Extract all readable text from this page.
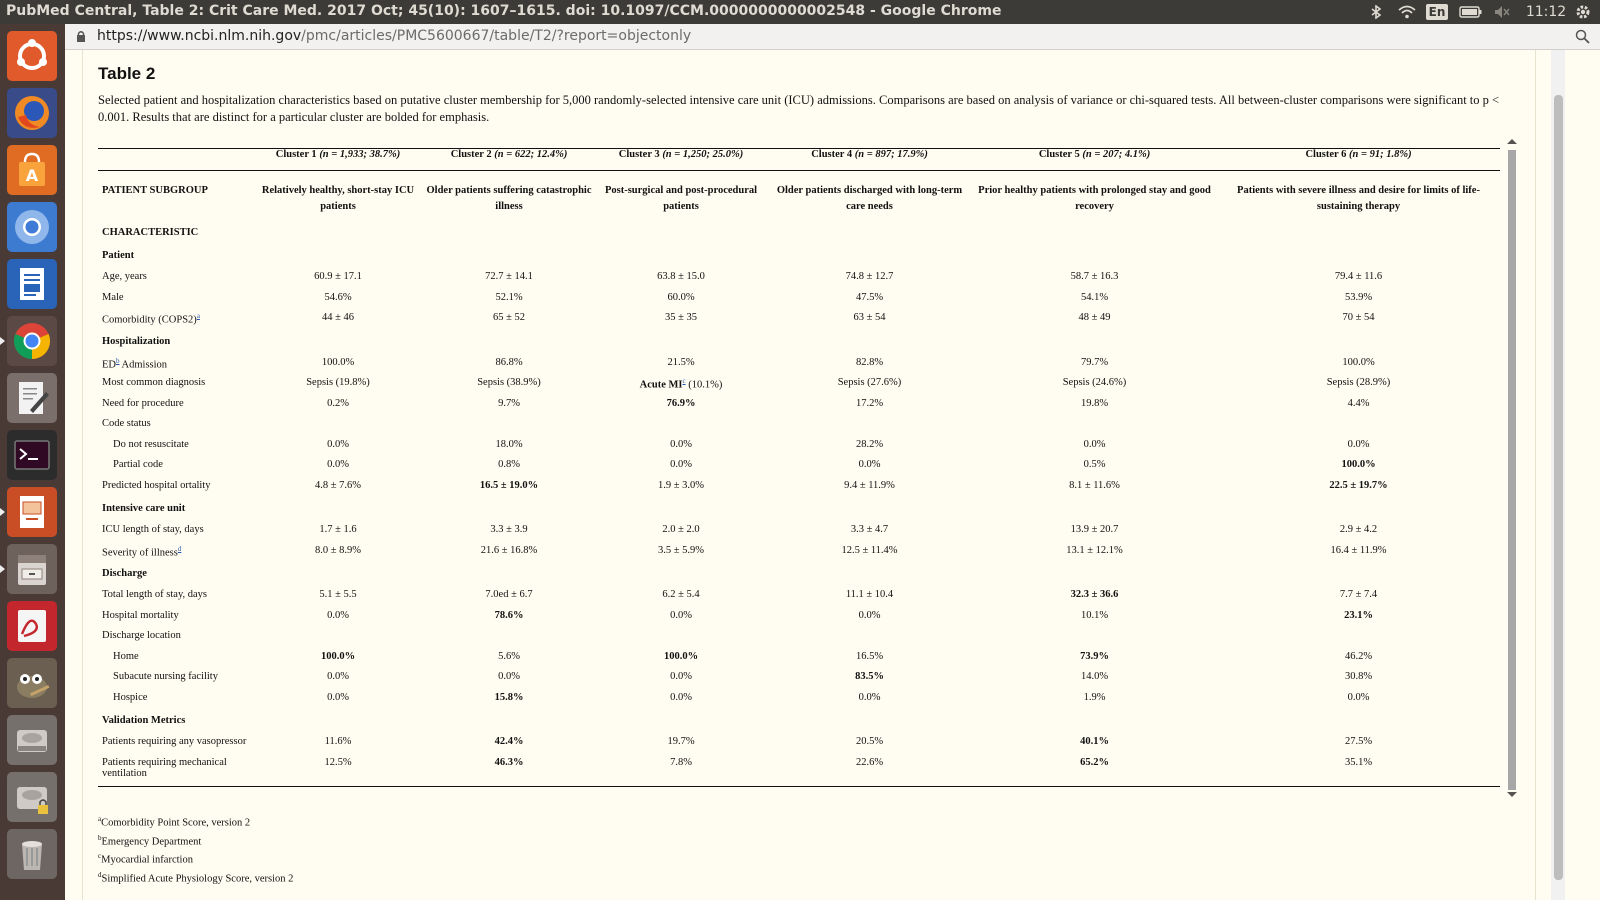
PubMed Central, Table 2: Crit Care Med. 2017 Oct; 45(10): 1607–1615. doi: 10.1097/CCM.0000000000002548 - Google Chrome	En	11:12
A
https://www.ncbi.nlm.nih.gov/pmc/articles/PMC5600667/table/T2/?report=objectonly
Table 2
Selected patient and hospitalization characteristics based on putative cluster membership for 5,000 randomly-selected intensive care unit (ICU) admissions. Comparisons are based on analysis of variance or chi-squared tests. All between-cluster comparisons were significant to p < 0.001. Results that are distinct for a particular cluster are bolded for emphasis.
	Cluster 1 (n = 1,933; 38.7%)	Cluster 2 (n = 622; 12.4%)	Cluster 3 (n = 1,250; 25.0%)	Cluster 4 (n = 897; 17.9%)	Cluster 5 (n = 207; 4.1%)	Cluster 6 (n = 91; 1.8%)
PATIENT SUBGROUP	Relatively healthy, short-stay ICU patients	Older patients suffering catastrophic illness	Post-surgical and post-procedural patients	Older patients discharged with long-term care needs	Prior healthy patients with prolonged stay and good recovery	Patients with severe illness and desire for limits of life-sustaining therapy
CHARACTERISTIC						
Patient						
Age, years	60.9 ± 17.1	72.7 ± 14.1	63.8 ± 15.0	74.8 ± 12.7	58.7 ± 16.3	79.4 ± 11.6
Male	54.6%	52.1%	60.0%	47.5%	54.1%	53.9%
Comorbidity (COPS2)$^a$	44 ± 46	65 ± 52	35 ± 35	63 ± 54	48 ± 49	70 ± 54
Hospitalization						
ED$^b$ Admission	100.0%	86.8%	21.5%	82.8%	79.7%	100.0%
Most common diagnosis	Sepsis (19.8%)	Sepsis (38.9%)	Acute MI$^c$ (10.1%)	Sepsis (27.6%)	Sepsis (24.6%)	Sepsis (28.9%)
Need for procedure	0.2%	9.7%	76.9%	17.2%	19.8%	4.4%
Code status						
Do not resuscitate	0.0%	18.0%	0.0%	28.2%	0.0%	0.0%
Partial code	0.0%	0.8%	0.0%	0.0%	0.5%	100.0%
Predicted hospital ortality	4.8 ± 7.6%	16.5 ± 19.0%	1.9 ± 3.0%	9.4 ± 11.9%	8.1 ± 11.6%	22.5 ± 19.7%
Intensive care unit						
ICU length of stay, days	1.7 ± 1.6	3.3 ± 3.9	2.0 ± 2.0	3.3 ± 4.7	13.9 ± 20.7	2.9 ± 4.2
Severity of illness$^d$	8.0 ± 8.9%	21.6 ± 16.8%	3.5 ± 5.9%	12.5 ± 11.4%	13.1 ± 12.1%	16.4 ± 11.9%
Discharge						
Total length of stay, days	5.1 ± 5.5	7.0ed ± 6.7	6.2 ± 5.4	11.1 ± 10.4	32.3 ± 36.6	7.7 ± 7.4
Hospital mortality	0.0%	78.6%	0.0%	0.0%	10.1%	23.1%
Discharge location						
Home	100.0%	5.6%	100.0%	16.5%	73.9%	46.2%
Subacute nursing facility	0.0%	0.0%	0.0%	83.5%	14.0%	30.8%
Hospice	0.0%	15.8%	0.0%	0.0%	1.9%	0.0%
Validation Metrics						
Patients requiring any vasopressor	11.6%	42.4%	19.7%	20.5%	40.1%	27.5%
Patients requiring mechanical ventilation	12.5%	46.3%	7.8%	22.6%	65.2%	35.1%
$^a$Comorbidity Point Score, version 2
$^b$Emergency Department
$^c$Myocardial infarction
$^d$Simplified Acute Physiology Score, version 2
